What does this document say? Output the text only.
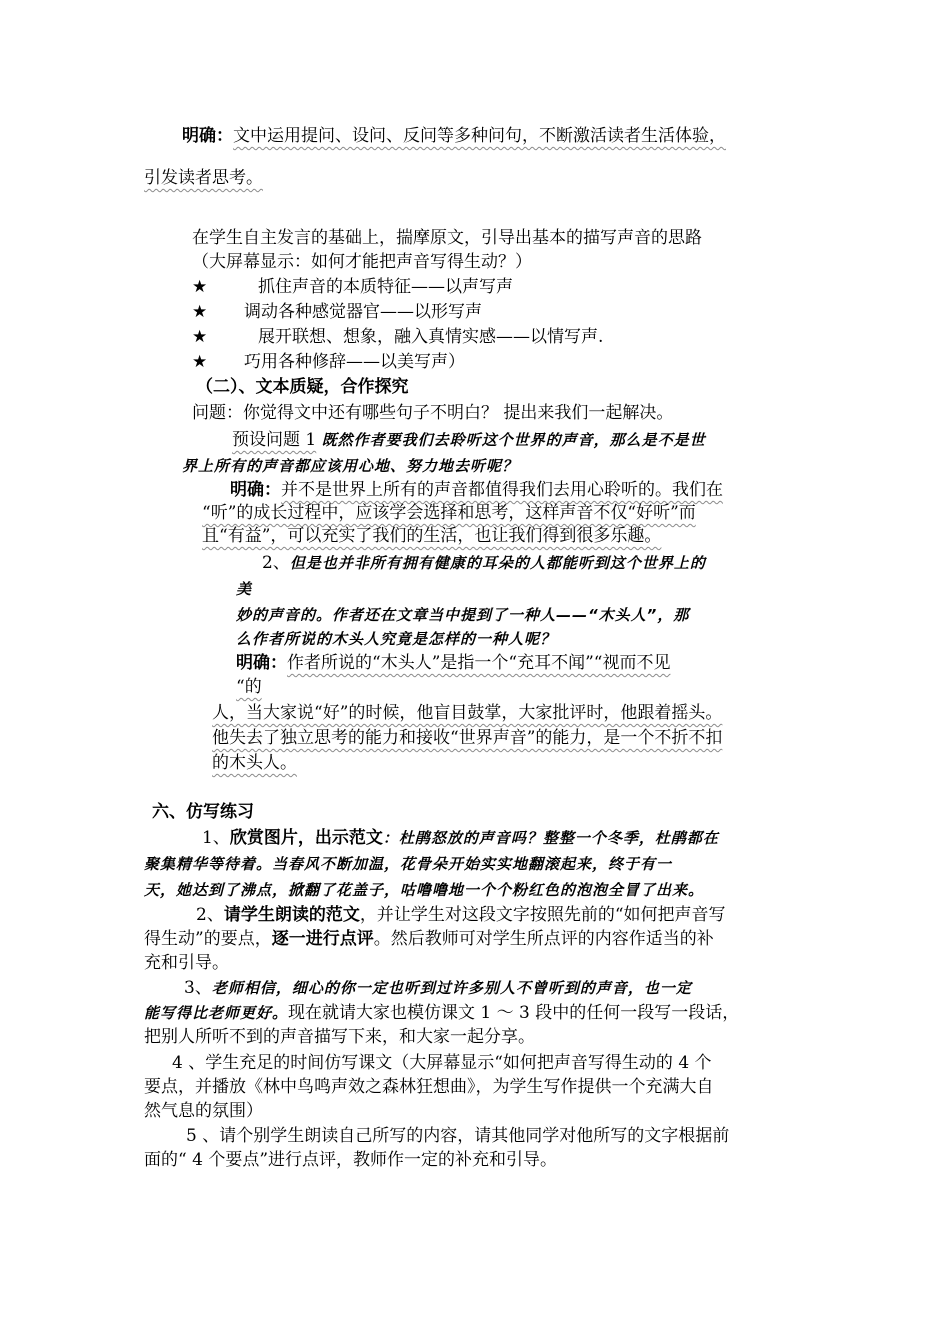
明确：文中运用提问、设问、反问等多种问句，不断激活读者生活体验，
引发读者思考。
在学生自主发言的基础上，揣摩原文，引导出基本的描写声音的思路
（大屏幕显示：如何才能把声音写得生动？）
★	抓住声音的本质特征——以声写声
★ 调动各种感觉器官——以形写声
★	展开联想、想象，融入真情实感——以情写声.
★ 巧用各种修辞——以美写声）
（二）、文本质疑，合作探究
问题：你觉得文中还有哪些句子不明白？ 提出来我们一起解决。
预设问题 1 既然作者要我们去聆听这个世界的声音，那么是不是世
界上所有的声音都应该用心地、努力地去听呢？
明确：并不是世界上所有的声音都值得我们去用心聆听的。我们在
“听”的成长过程中，应该学会选择和思考，这样声音不仅“好听”而
且“有益”，可以充实了我们的生活，也让我们得到很多乐趣。
2、但是也并非所有拥有健康的耳朵的人都能听到这个世界上的
美
妙的声音的。作者还在文章当中提到了一种人——“木头人”，那
么作者所说的木头人究竟是怎样的一种人呢？
明确：作者所说的“木头人”是指一个“充耳不闻”“视而不见
“的
人，当大家说“好”的时候，他盲目鼓掌，大家批评时，他跟着摇头。
他失去了独立思考的能力和接收“世界声音”的能力，是一个不折不扣
的木头人。
六、仿写练习
1、欣赏图片，出示范文：杜鹃怒放的声音吗？整整一个冬季，杜鹃都在
聚集精华等待着。当春风不断加温，花骨朵开始实实地翻滚起来，终于有一
天，她达到了沸点，掀翻了花盖子，咕噜噜地一个个粉红色的泡泡全冒了出来。
2、请学生朗读的范文，并让学生对这段文字按照先前的“如何把声音写
得生动”的要点，逐一进行点评。然后教师可对学生所点评的内容作适当的补
充和引导。
3、老师相信，细心的你一定也听到过许多别人不曾听到的声音，也一定
能写得比老师更好。现在就请大家也模仿课文 1 ～ 3 段中的任何一段写一段话，
把别人所听不到的声音描写下来，和大家一起分享。
4 、学生充足的时间仿写课文（大屏幕显示“如何把声音写得生动的 4 个
要点，并播放《林中鸟鸣声效之森林狂想曲》，为学生写作提供一个充满大自
然气息的氛围）
5 、请个别学生朗读自己所写的内容，请其他同学对他所写的文字根据前
面的“ 4 个要点”进行点评，教师作一定的补充和引导。
